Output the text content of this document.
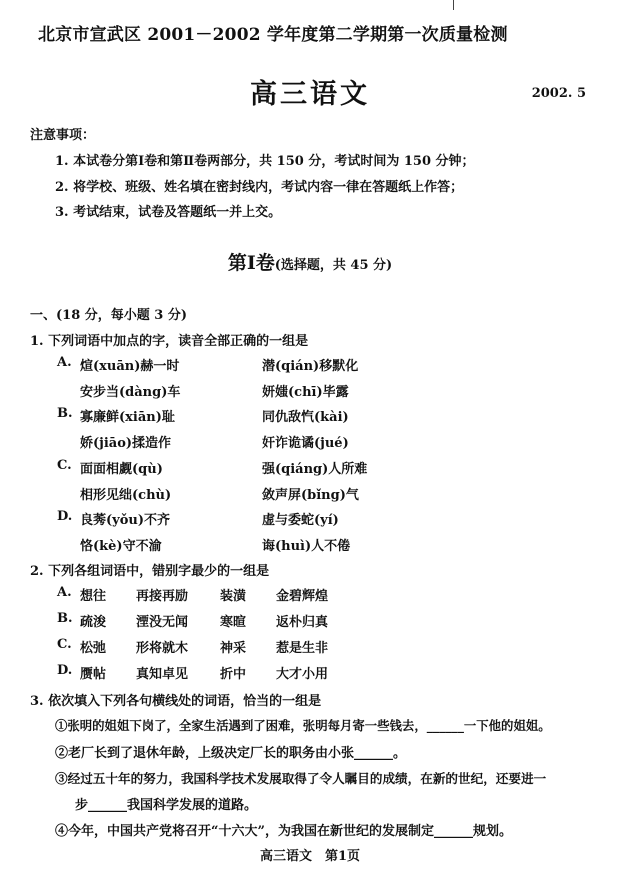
北京市宣武区 2001－2002 学年度第二学期第一次质量检测
高三语文	2002. 5
注意事项：
1. 本试卷分第Ⅰ卷和第Ⅱ卷两部分，共 150 分，考试时间为 150 分钟；
2. 将学校、班级、姓名填在密封线内，考试内容一律在答题纸上作答；
3. 考试结束，试卷及答题纸一并上交。
第Ⅰ卷(选择题，共 45 分)
一、(18 分，每小题 3 分)
1. 下列词语中加点的字，读音全部正确的一组是
A. 煊(xuān)赫一时	潜(qián)移默化
安步当(dàng)车	妍媸(chī)毕露
B. 寡廉鲜(xiān)耻	同仇敌忾(kài)
娇(jiāo)揉造作	奸诈诡谲(jué)
C. 面面相觑(qù)	强(qiáng)人所难
相形见绌(chù)	敛声屏(bǐng)气
D. 良莠(yǒu)不齐	虚与委蛇(yí)
恪(kè)守不渝	诲(huì)人不倦
2. 下列各组词语中，错别字最少的一组是
A. 想往 再接再励 装潢 金碧辉煌
B. 疏浚 湮没无闻 寒暄 返朴归真
C. 松弛 形将就木 神采 惹是生非
D. 赝帖 真知卓见 折中 大才小用
3. 依次填入下列各句横线处的词语，恰当的一组是
①张明的姐姐下岗了，全家生活遇到了困难，张明每月寄一些钱去，______一下他的姐姐。
②老厂长到了退休年龄，上级决定厂长的职务由小张______。
③经过五十年的努力，我国科学技术发展取得了令人瞩目的成绩，在新的世纪，还要进一
步______我国科学发展的道路。
④今年，中国共产党将召开“十六大”，为我国在新世纪的发展制定______规划。
高三语文　第1页
